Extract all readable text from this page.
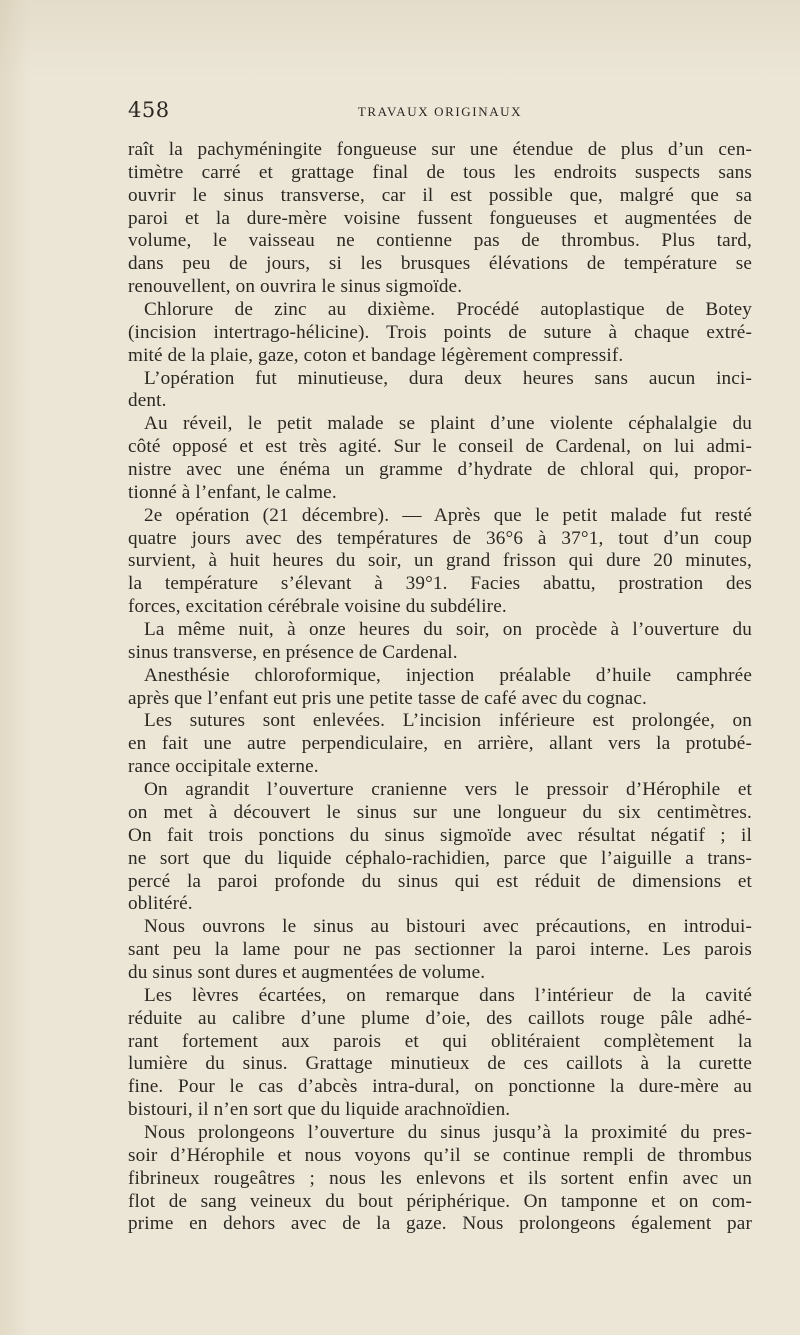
458	TRAVAUX ORIGINAUX
raît la pachyméningite fongueuse sur une étendue de plus d’un cen-
timètre carré et grattage final de tous les endroits suspects sans
ouvrir le sinus transverse, car il est possible que, malgré que sa
paroi et la dure-mère voisine fussent fongueuses et augmentées de
volume, le vaisseau ne contienne pas de thrombus. Plus tard,
dans peu de jours, si les brusques élévations de température se
renouvellent, on ouvrira le sinus sigmoïde.
Chlorure de zinc au dixième. Procédé autoplastique de Botey
(incision intertrago-hélicine). Trois points de suture à chaque extré-
mité de la plaie, gaze, coton et bandage légèrement compressif.
L’opération fut minutieuse, dura deux heures sans aucun inci-
dent.
Au réveil, le petit malade se plaint d’une violente céphalalgie du
côté opposé et est très agité. Sur le conseil de Cardenal, on lui admi-
nistre avec une énéma un gramme d’hydrate de chloral qui, propor-
tionné à l’enfant, le calme.
2e opération (21 décembre). — Après que le petit malade fut resté
quatre jours avec des températures de 36°6 à 37°1, tout d’un coup
survient, à huit heures du soir, un grand frisson qui dure 20 minutes,
la température s’élevant à 39°1. Facies abattu, prostration des
forces, excitation cérébrale voisine du subdélire.
La même nuit, à onze heures du soir, on procède à l’ouverture du
sinus transverse, en présence de Cardenal.
Anesthésie chloroformique, injection préalable d’huile camphrée
après que l’enfant eut pris une petite tasse de café avec du cognac.
Les sutures sont enlevées. L’incision inférieure est prolongée, on
en fait une autre perpendiculaire, en arrière, allant vers la protubé-
rance occipitale externe.
On agrandit l’ouverture cranienne vers le pressoir d’Hérophile et
on met à découvert le sinus sur une longueur du six centimètres.
On fait trois ponctions du sinus sigmoïde avec résultat négatif ; il
ne sort que du liquide céphalo-rachidien, parce que l’aiguille a trans-
percé la paroi profonde du sinus qui est réduit de dimensions et
oblitéré.
Nous ouvrons le sinus au bistouri avec précautions, en introdui-
sant peu la lame pour ne pas sectionner la paroi interne. Les parois
du sinus sont dures et augmentées de volume.
Les lèvres écartées, on remarque dans l’intérieur de la cavité
réduite au calibre d’une plume d’oie, des caillots rouge pâle adhé-
rant fortement aux parois et qui oblitéraient complètement la
lumière du sinus. Grattage minutieux de ces caillots à la curette
fine. Pour le cas d’abcès intra-dural, on ponctionne la dure-mère au
bistouri, il n’en sort que du liquide arachnoïdien.
Nous prolongeons l’ouverture du sinus jusqu’à la proximité du pres-
soir d’Hérophile et nous voyons qu’il se continue rempli de thrombus
fibrineux rougeâtres ; nous les enlevons et ils sortent enfin avec un
flot de sang veineux du bout périphérique. On tamponne et on com-
prime en dehors avec de la gaze. Nous prolongeons également par
